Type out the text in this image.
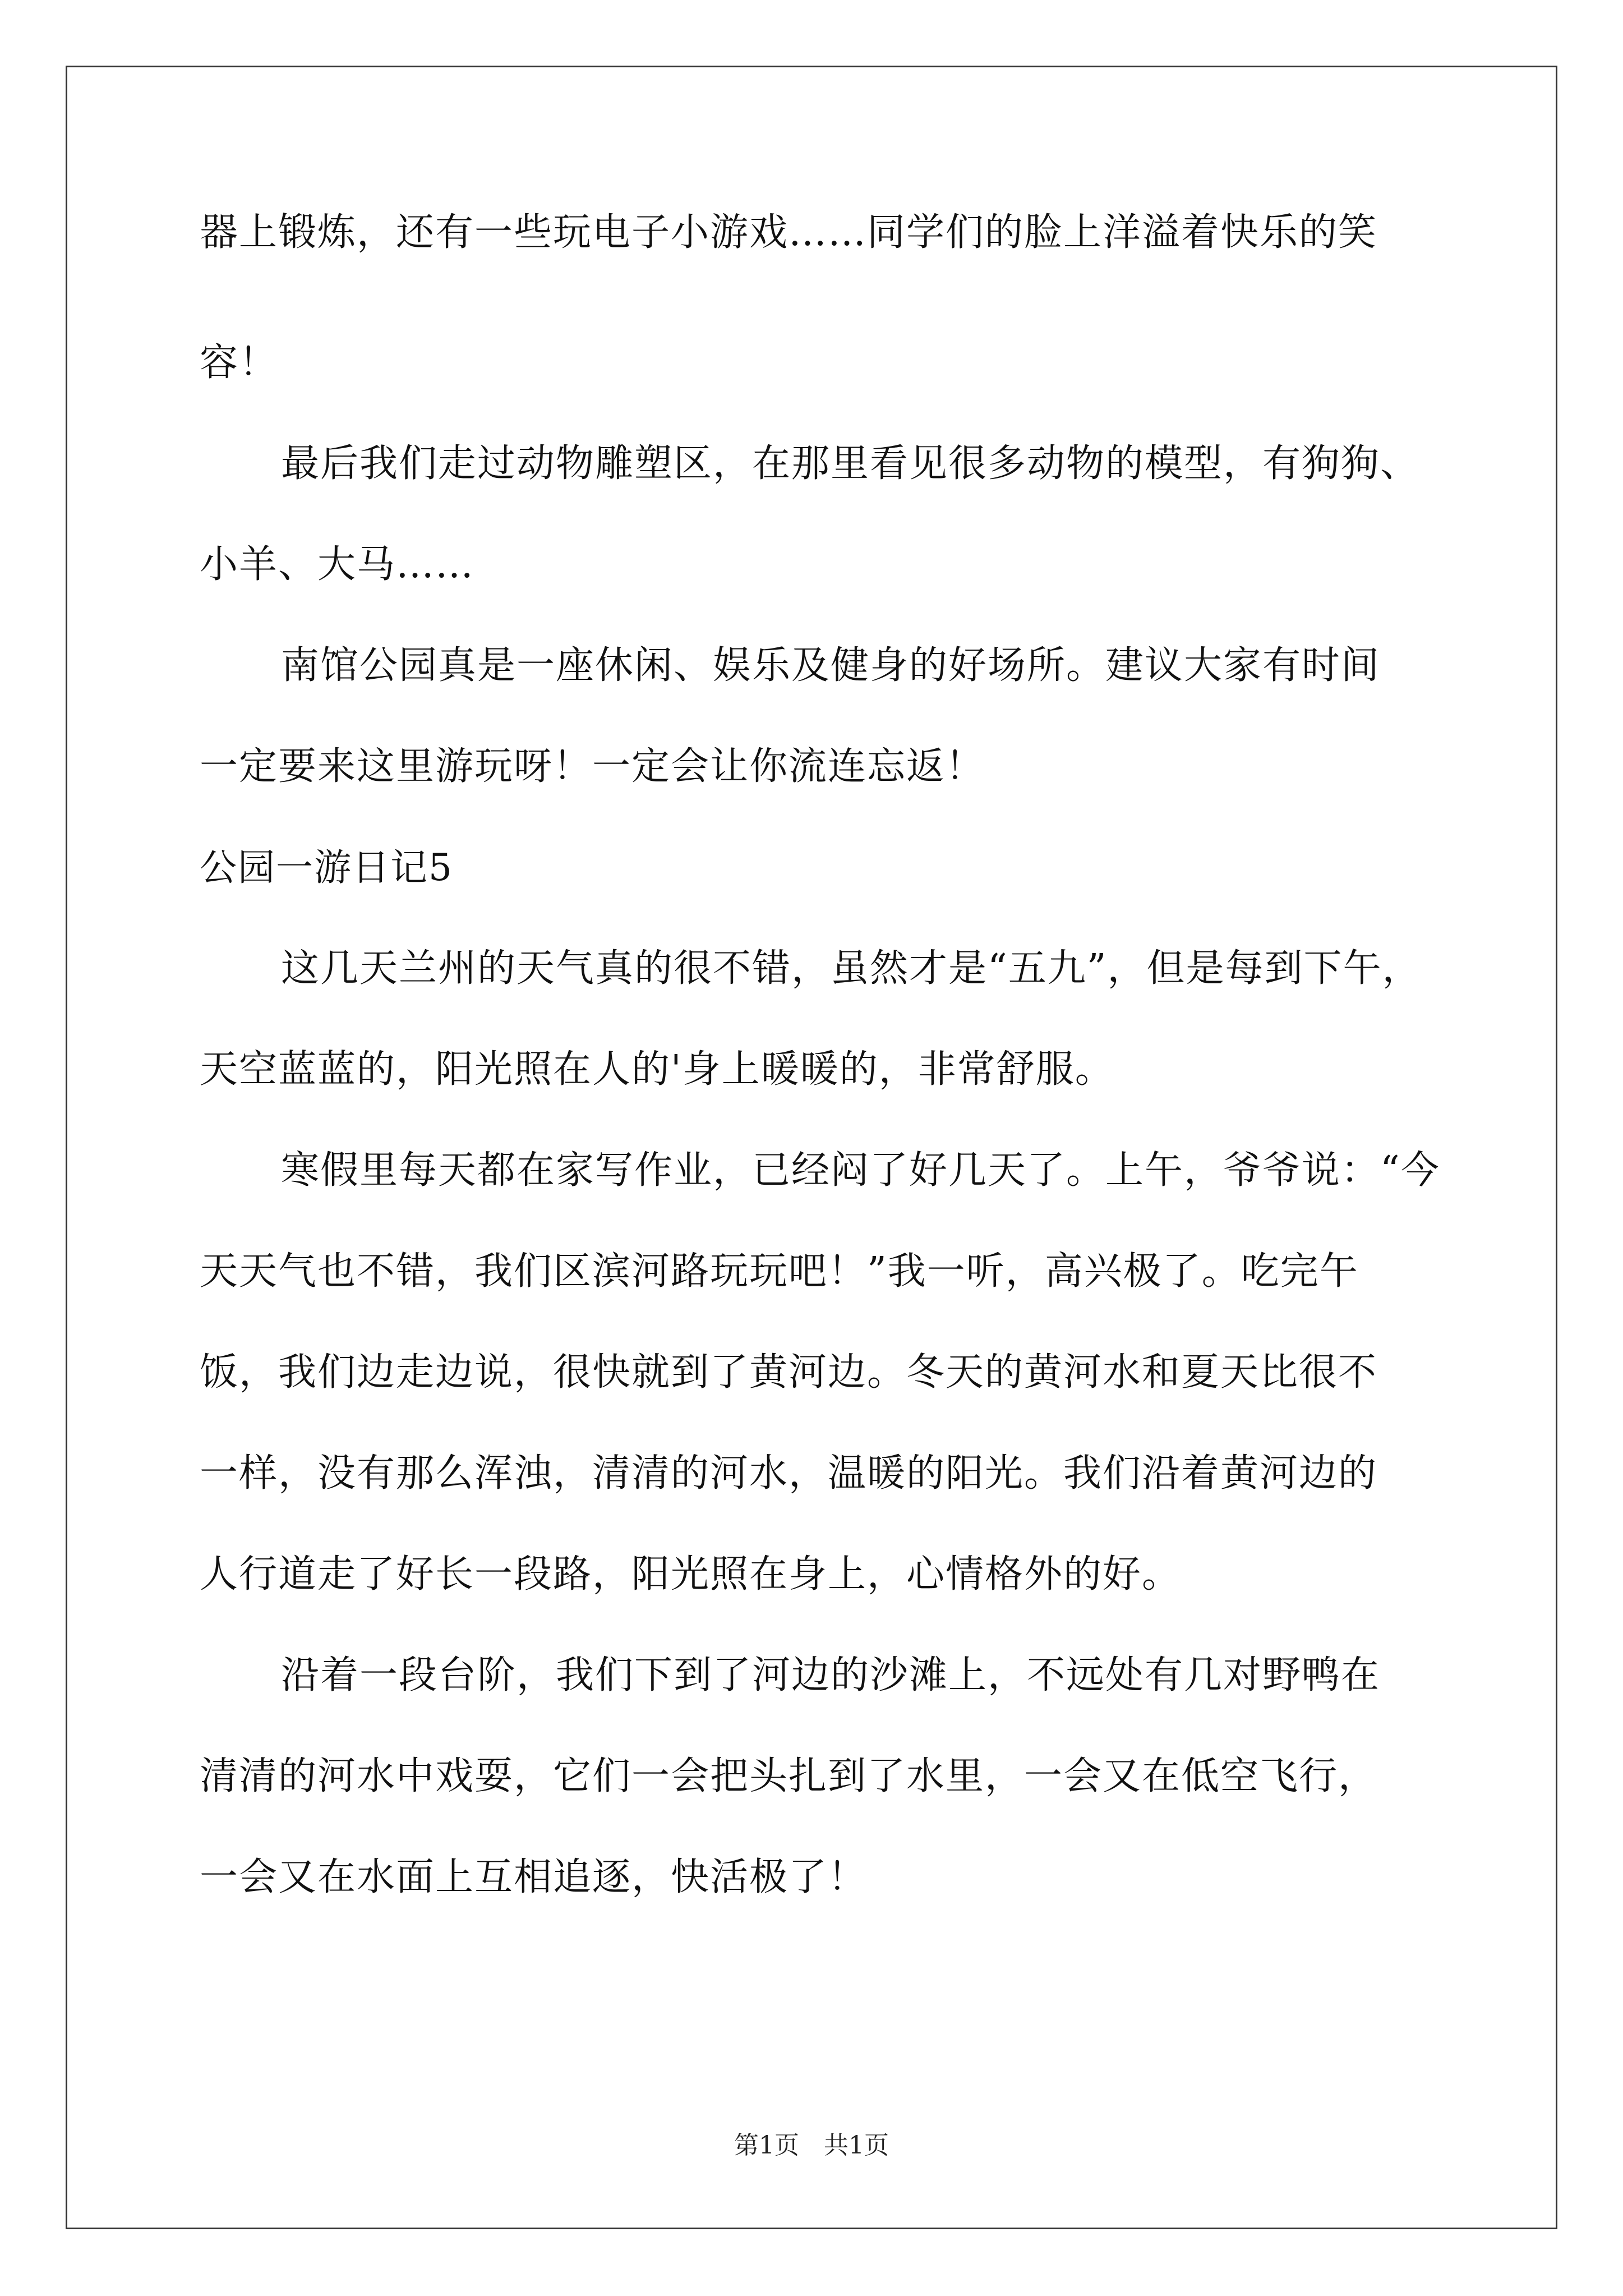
器上锻炼，还有一些玩电子小游戏……同学们的脸上洋溢着快乐的笑
容！
最后我们走过动物雕塑区，在那里看见很多动物的模型，有狗狗、
小羊、大马……
南馆公园真是一座休闲、娱乐及健身的好场所。建议大家有时间
一定要来这里游玩呀！一定会让你流连忘返！
公园一游日记5
这几天兰州的天气真的很不错，虽然才是“五九”，但是每到下午，
天空蓝蓝的，阳光照在人的'身上暖暖的，非常舒服。
寒假里每天都在家写作业，已经闷了好几天了。上午，爷爷说：“今
天天气也不错，我们区滨河路玩玩吧！”我一听，高兴极了。吃完午
饭，我们边走边说，很快就到了黄河边。冬天的黄河水和夏天比很不
一样，没有那么浑浊，清清的河水，温暖的阳光。我们沿着黄河边的
人行道走了好长一段路，阳光照在身上，心情格外的好。
沿着一段台阶，我们下到了河边的沙滩上，不远处有几对野鸭在
清清的河水中戏耍，它们一会把头扎到了水里，一会又在低空飞行，
一会又在水面上互相追逐，快活极了！
第1页　共1页
